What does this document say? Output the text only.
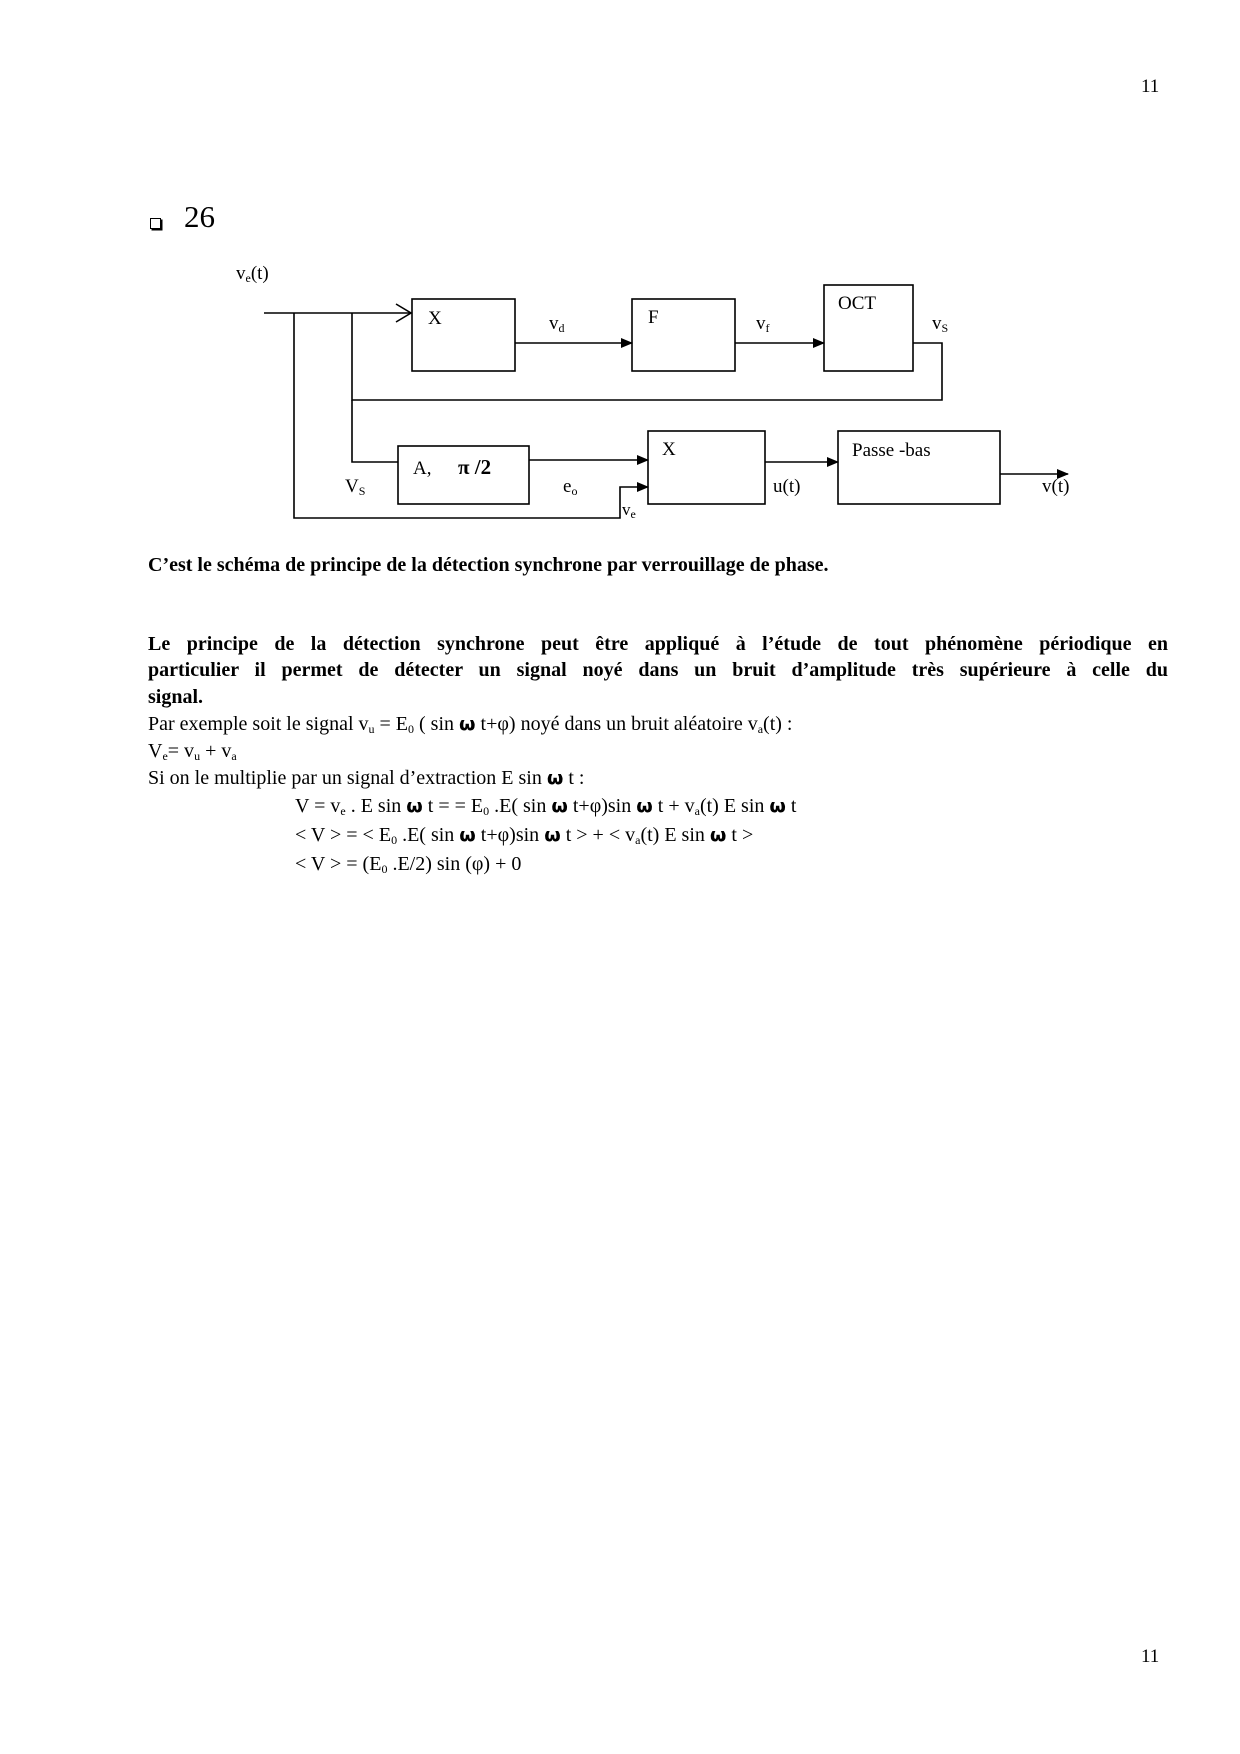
11
11
26
$v_e(t)$
X	$v_d$	F	$v_f$
OCT
$v_S$
A, π /2
$V_S$	$e_o$
$v_e$
X
u(t)
Passe -bas
v(t)
C’est le schéma de principe de la détection synchrone par verrouillage de phase.
Le principe de la détection synchrone peut être appliqué à l’étude de tout phénomène périodique en
particulier il permet de détecter un signal noyé dans un bruit d’amplitude très supérieure à celle du
signal.
Par exemple soit le signal $v_u = E_0$ ( sin ω t+φ) noyé dans un bruit aléatoire $v_a(t)$ :
$V_e= v_u + v_a$
Si on le multiplie par un signal d’extraction E sin ω t :
$V = v_e$ . E sin ω t = = $E_0$ .E( sin ω t+φ)sin ω $t + v_a(t)$ E sin ω t
< V > = < $E_0$ .E( sin ω t+φ)sin ω t > + < $v_a(t)$ E sin ω t >
< V > = ($E_0$ .E/2) sin (φ) + 0
